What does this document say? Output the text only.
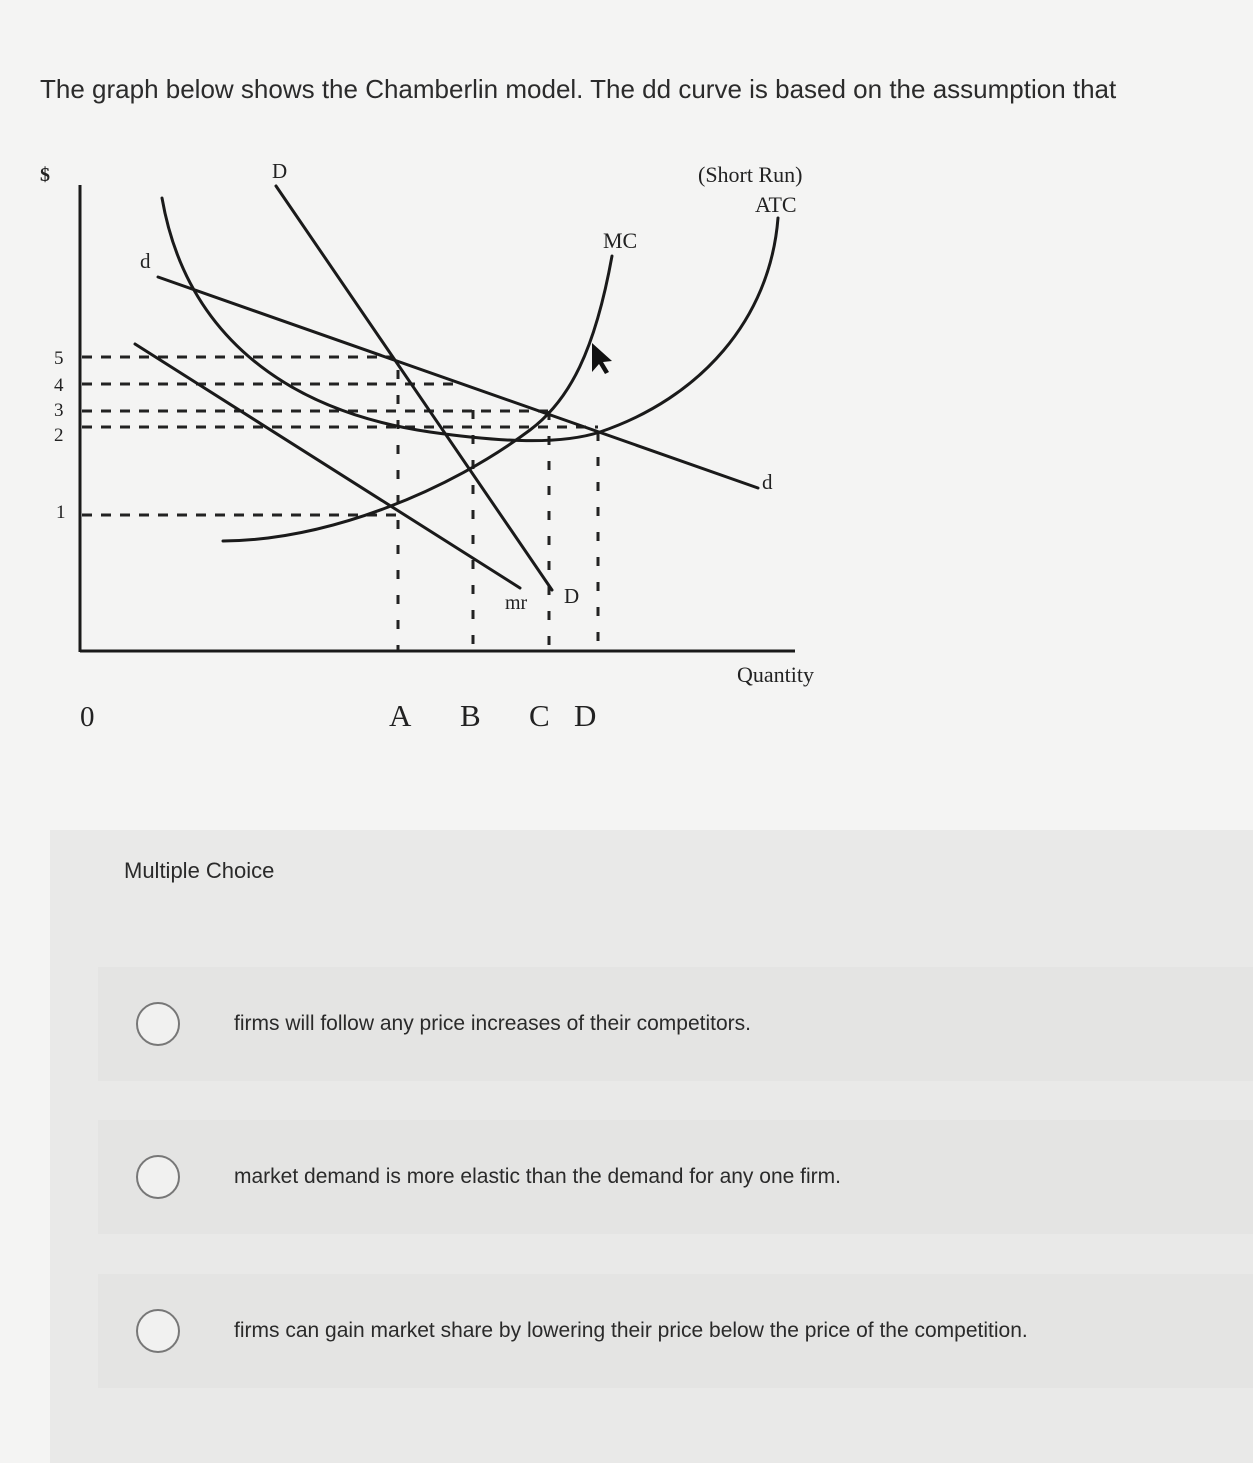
The graph below shows the Chamberlin model. The dd curve is based on the assumption that
$
5
4
3
2
1
D
d
MC
(Short Run)
ATC
d
mr D
Quantity
0	A B C D
Multiple Choice
firms will follow any price increases of their competitors.
market demand is more elastic than the demand for any one firm.
firms can gain market share by lowering their price below the price of the competition.
